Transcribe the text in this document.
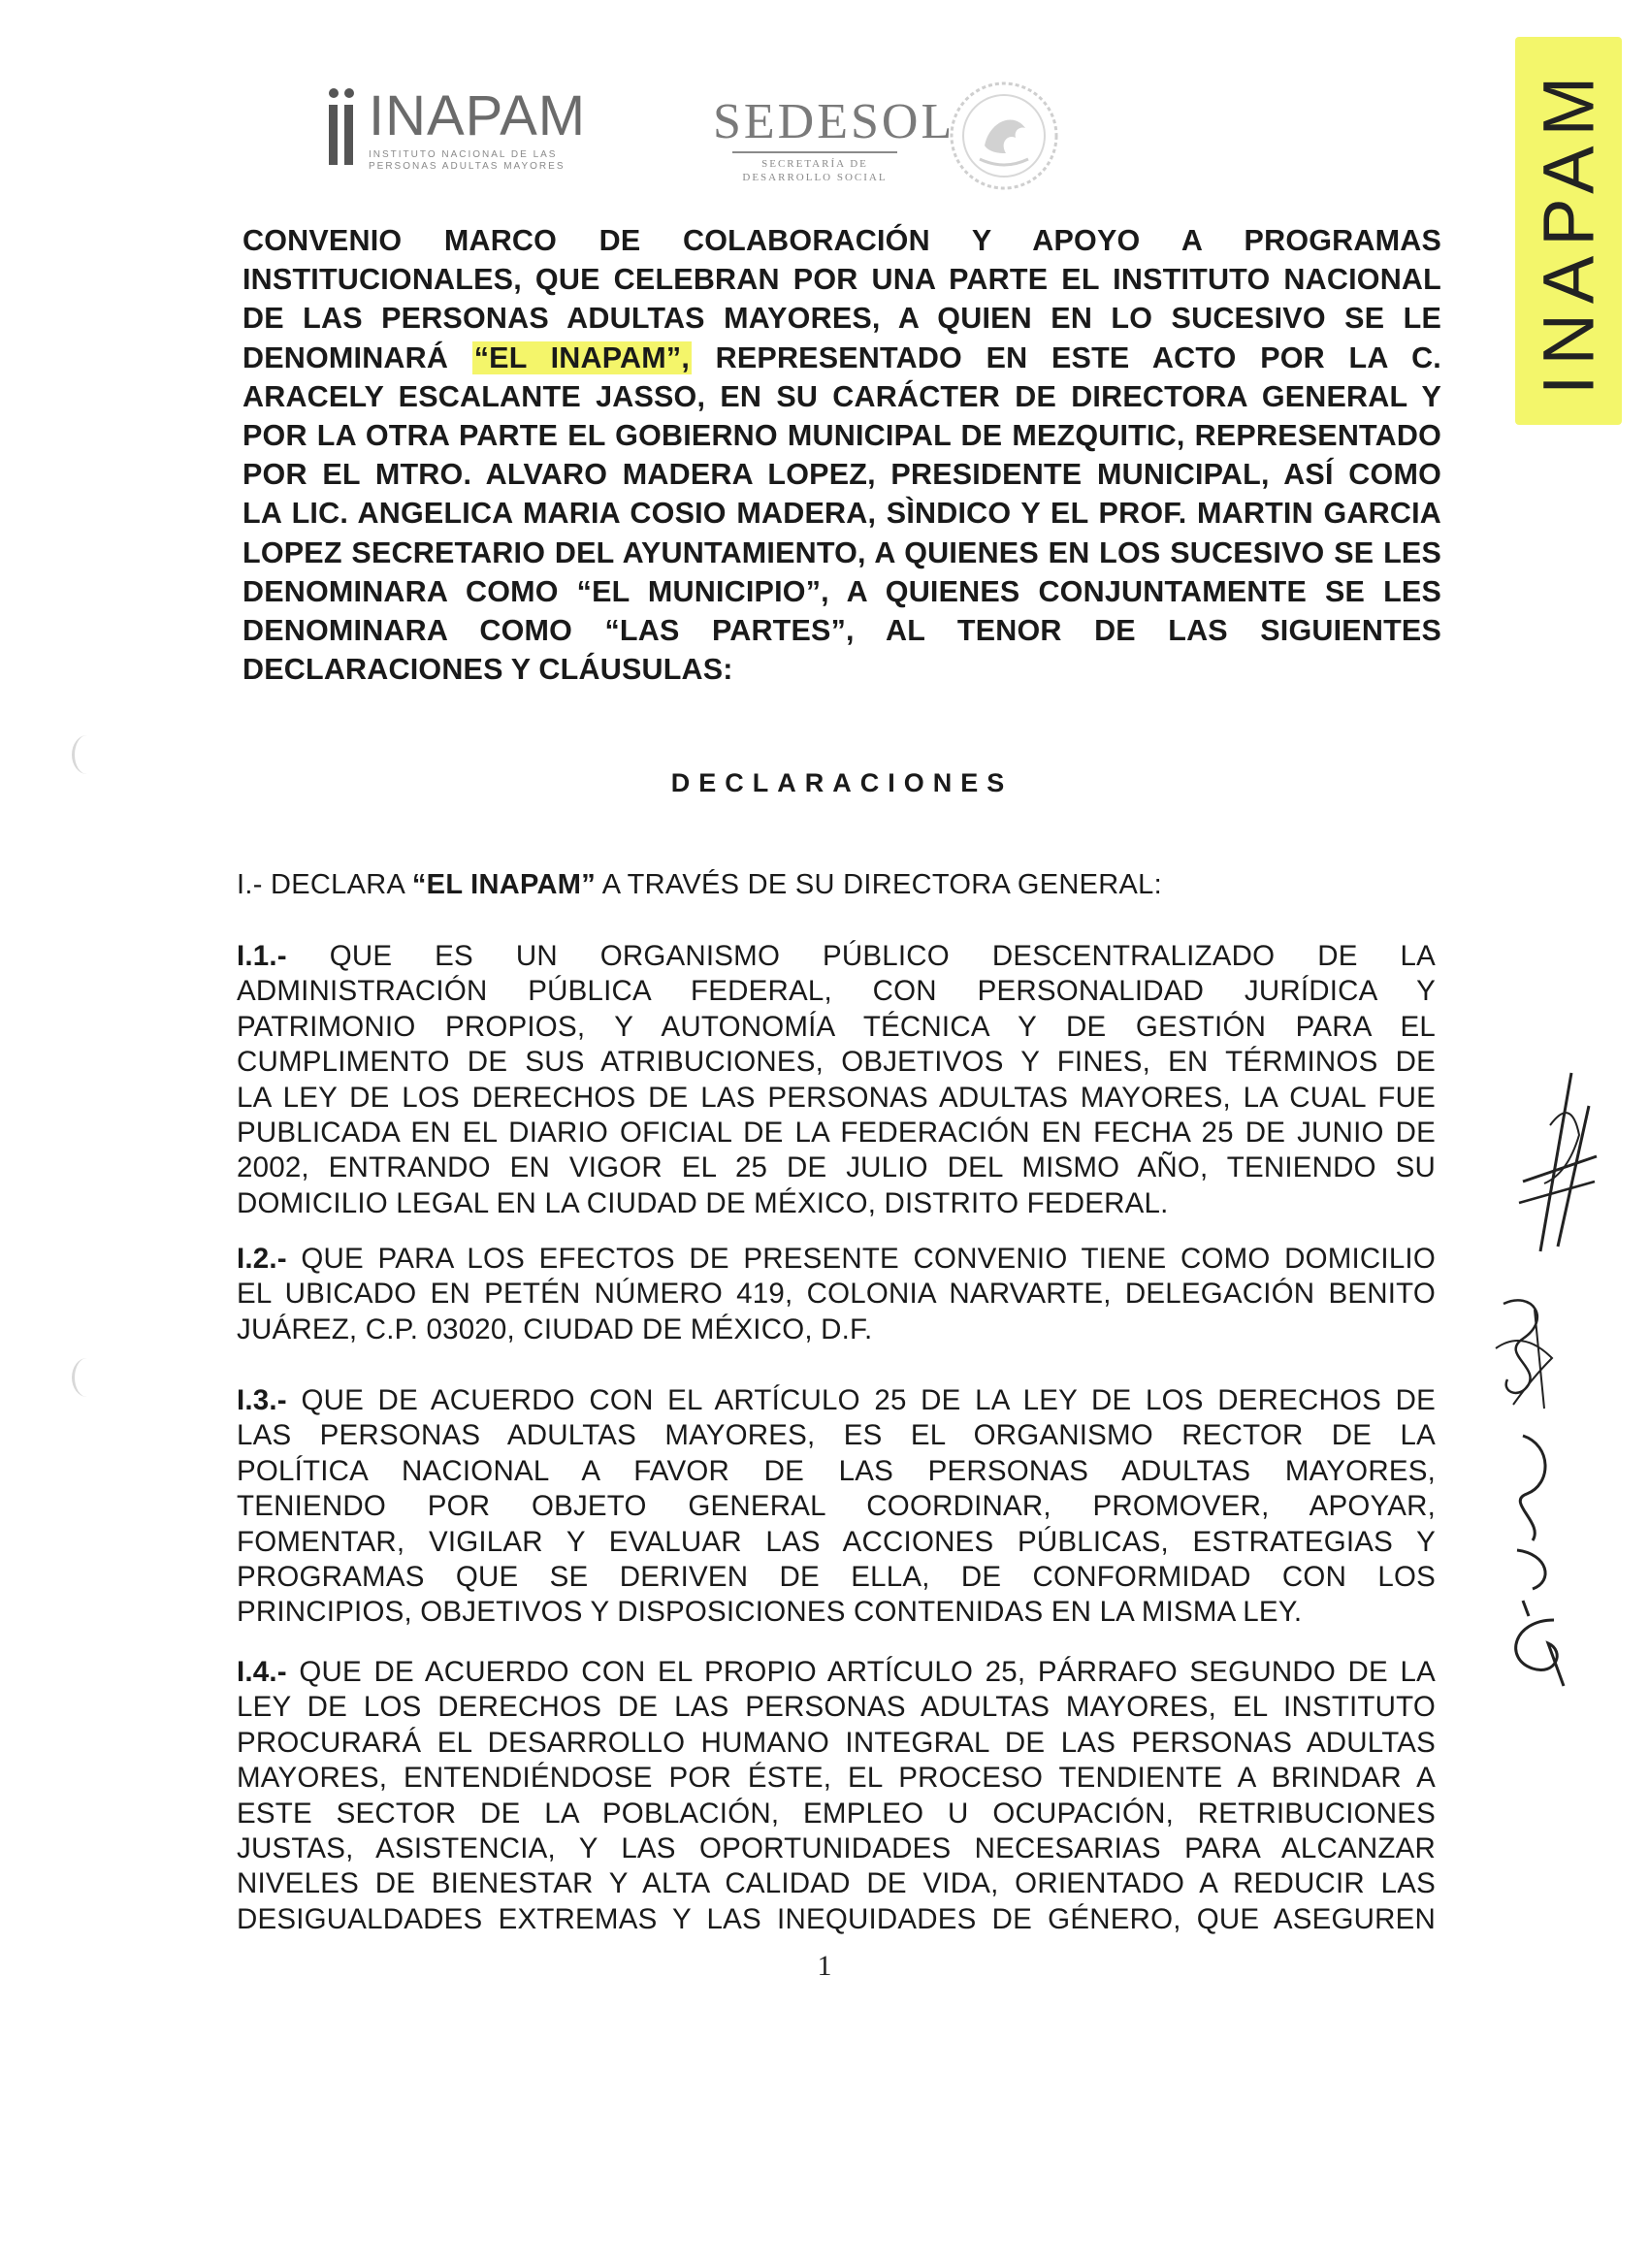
INAPAM
INSTITUTO NACIONAL DE LAS
PERSONAS ADULTAS MAYORES
SEDESOL
SECRETARÍA DE
DESARROLLO SOCIAL	INAPAM
CONVENIO MARCO DE COLABORACIÓN Y APOYO A PROGRAMAS
INSTITUCIONALES, QUE CELEBRAN POR UNA PARTE EL INSTITUTO NACIONAL
DE LAS PERSONAS ADULTAS MAYORES, A QUIEN EN LO SUCESIVO SE LE
DENOMINARÁ “EL INAPAM”, REPRESENTADO EN ESTE ACTO POR LA C.
ARACELY ESCALANTE JASSO, EN SU CARÁCTER DE DIRECTORA GENERAL Y
POR LA OTRA PARTE EL GOBIERNO MUNICIPAL DE MEZQUITIC, REPRESENTADO
POR EL MTRO. ALVARO MADERA LOPEZ, PRESIDENTE MUNICIPAL, ASÍ COMO
LA LIC. ANGELICA MARIA COSIO MADERA, SÌNDICO Y EL PROF. MARTIN GARCIA
LOPEZ SECRETARIO DEL AYUNTAMIENTO, A QUIENES EN LOS SUCESIVO SE LES
DENOMINARA COMO “EL MUNICIPIO”, A QUIENES CONJUNTAMENTE SE LES
DENOMINARA COMO “LAS PARTES”, AL TENOR DE LAS SIGUIENTES
DECLARACIONES Y CLÁUSULAS:
DECLARACIONES
I.- DECLARA “EL INAPAM” A TRAVÉS DE SU DIRECTORA GENERAL:
I.1.- QUE ES UN ORGANISMO PÚBLICO DESCENTRALIZADO DE LA
ADMINISTRACIÓN PÚBLICA FEDERAL, CON PERSONALIDAD JURÍDICA Y
PATRIMONIO PROPIOS, Y AUTONOMÍA TÉCNICA Y DE GESTIÓN PARA EL
CUMPLIMENTO DE SUS ATRIBUCIONES, OBJETIVOS Y FINES, EN TÉRMINOS DE
LA LEY DE LOS DERECHOS DE LAS PERSONAS ADULTAS MAYORES, LA CUAL FUE
PUBLICADA EN EL DIARIO OFICIAL DE LA FEDERACIÓN EN FECHA 25 DE JUNIO DE
2002, ENTRANDO EN VIGOR EL 25 DE JULIO DEL MISMO AÑO, TENIENDO SU
DOMICILIO LEGAL EN LA CIUDAD DE MÉXICO, DISTRITO FEDERAL.
I.2.- QUE PARA LOS EFECTOS DE PRESENTE CONVENIO TIENE COMO DOMICILIO
EL UBICADO EN PETÉN NÚMERO 419, COLONIA NARVARTE, DELEGACIÓN BENITO
JUÁREZ, C.P. 03020, CIUDAD DE MÉXICO, D.F.
I.3.- QUE DE ACUERDO CON EL ARTÍCULO 25 DE LA LEY DE LOS DERECHOS DE
LAS PERSONAS ADULTAS MAYORES, ES EL ORGANISMO RECTOR DE LA
POLÍTICA NACIONAL A FAVOR DE LAS PERSONAS ADULTAS MAYORES,
TENIENDO POR OBJETO GENERAL COORDINAR, PROMOVER, APOYAR,
FOMENTAR, VIGILAR Y EVALUAR LAS ACCIONES PÚBLICAS, ESTRATEGIAS Y
PROGRAMAS QUE SE DERIVEN DE ELLA, DE CONFORMIDAD CON LOS
PRINCIPIOS, OBJETIVOS Y DISPOSICIONES CONTENIDAS EN LA MISMA LEY.
I.4.- QUE DE ACUERDO CON EL PROPIO ARTÍCULO 25, PÁRRAFO SEGUNDO DE LA
LEY DE LOS DERECHOS DE LAS PERSONAS ADULTAS MAYORES, EL INSTITUTO
PROCURARÁ EL DESARROLLO HUMANO INTEGRAL DE LAS PERSONAS ADULTAS
MAYORES, ENTENDIÉNDOSE POR ÉSTE, EL PROCESO TENDIENTE A BRINDAR A
ESTE SECTOR DE LA POBLACIÓN, EMPLEO U OCUPACIÓN, RETRIBUCIONES
JUSTAS, ASISTENCIA, Y LAS OPORTUNIDADES NECESARIAS PARA ALCANZAR
NIVELES DE BIENESTAR Y ALTA CALIDAD DE VIDA, ORIENTADO A REDUCIR LAS
DESIGUALDADES EXTREMAS Y LAS INEQUIDADES DE GÉNERO, QUE ASEGUREN
1
